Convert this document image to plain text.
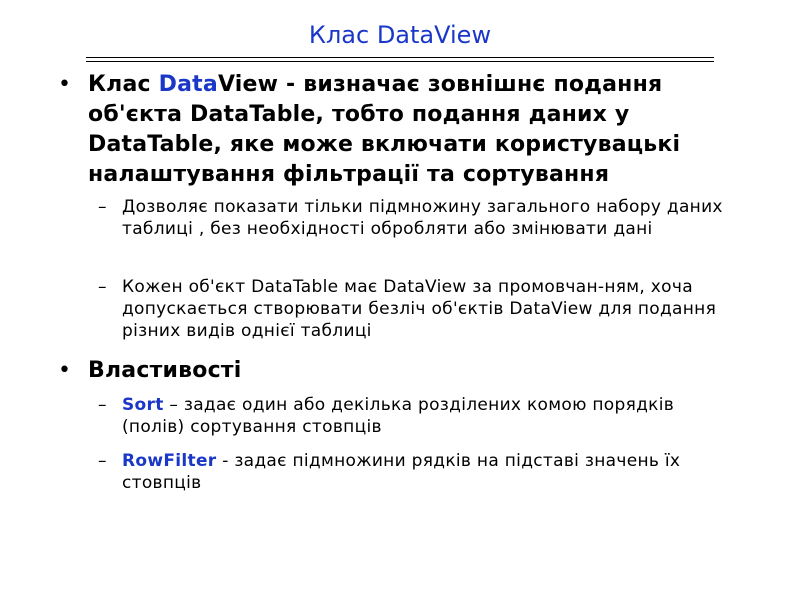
Клас DataView
• Клас DataView - визначає зовнішнє подання об'єкта DataTable, тобто подання даних у DataTable, яке може включати користувацькі налаштування фільтрації та сортування
– Дозволяє показати тільки підмножину загального набору даних таблиці , без необхідності обробляти або змінювати дані
– Кожен об'єкт DataTable має DataView за промовчан-ням, хоча допускається створювати безліч об'єктів DataView для подання різних видів однієї таблиці
• Властивості
– Sort – задає один або декілька розділених комою порядків (полів) сортування стовпців
– RowFilter - задає підмножини рядків на підставі значень їх стовпців
